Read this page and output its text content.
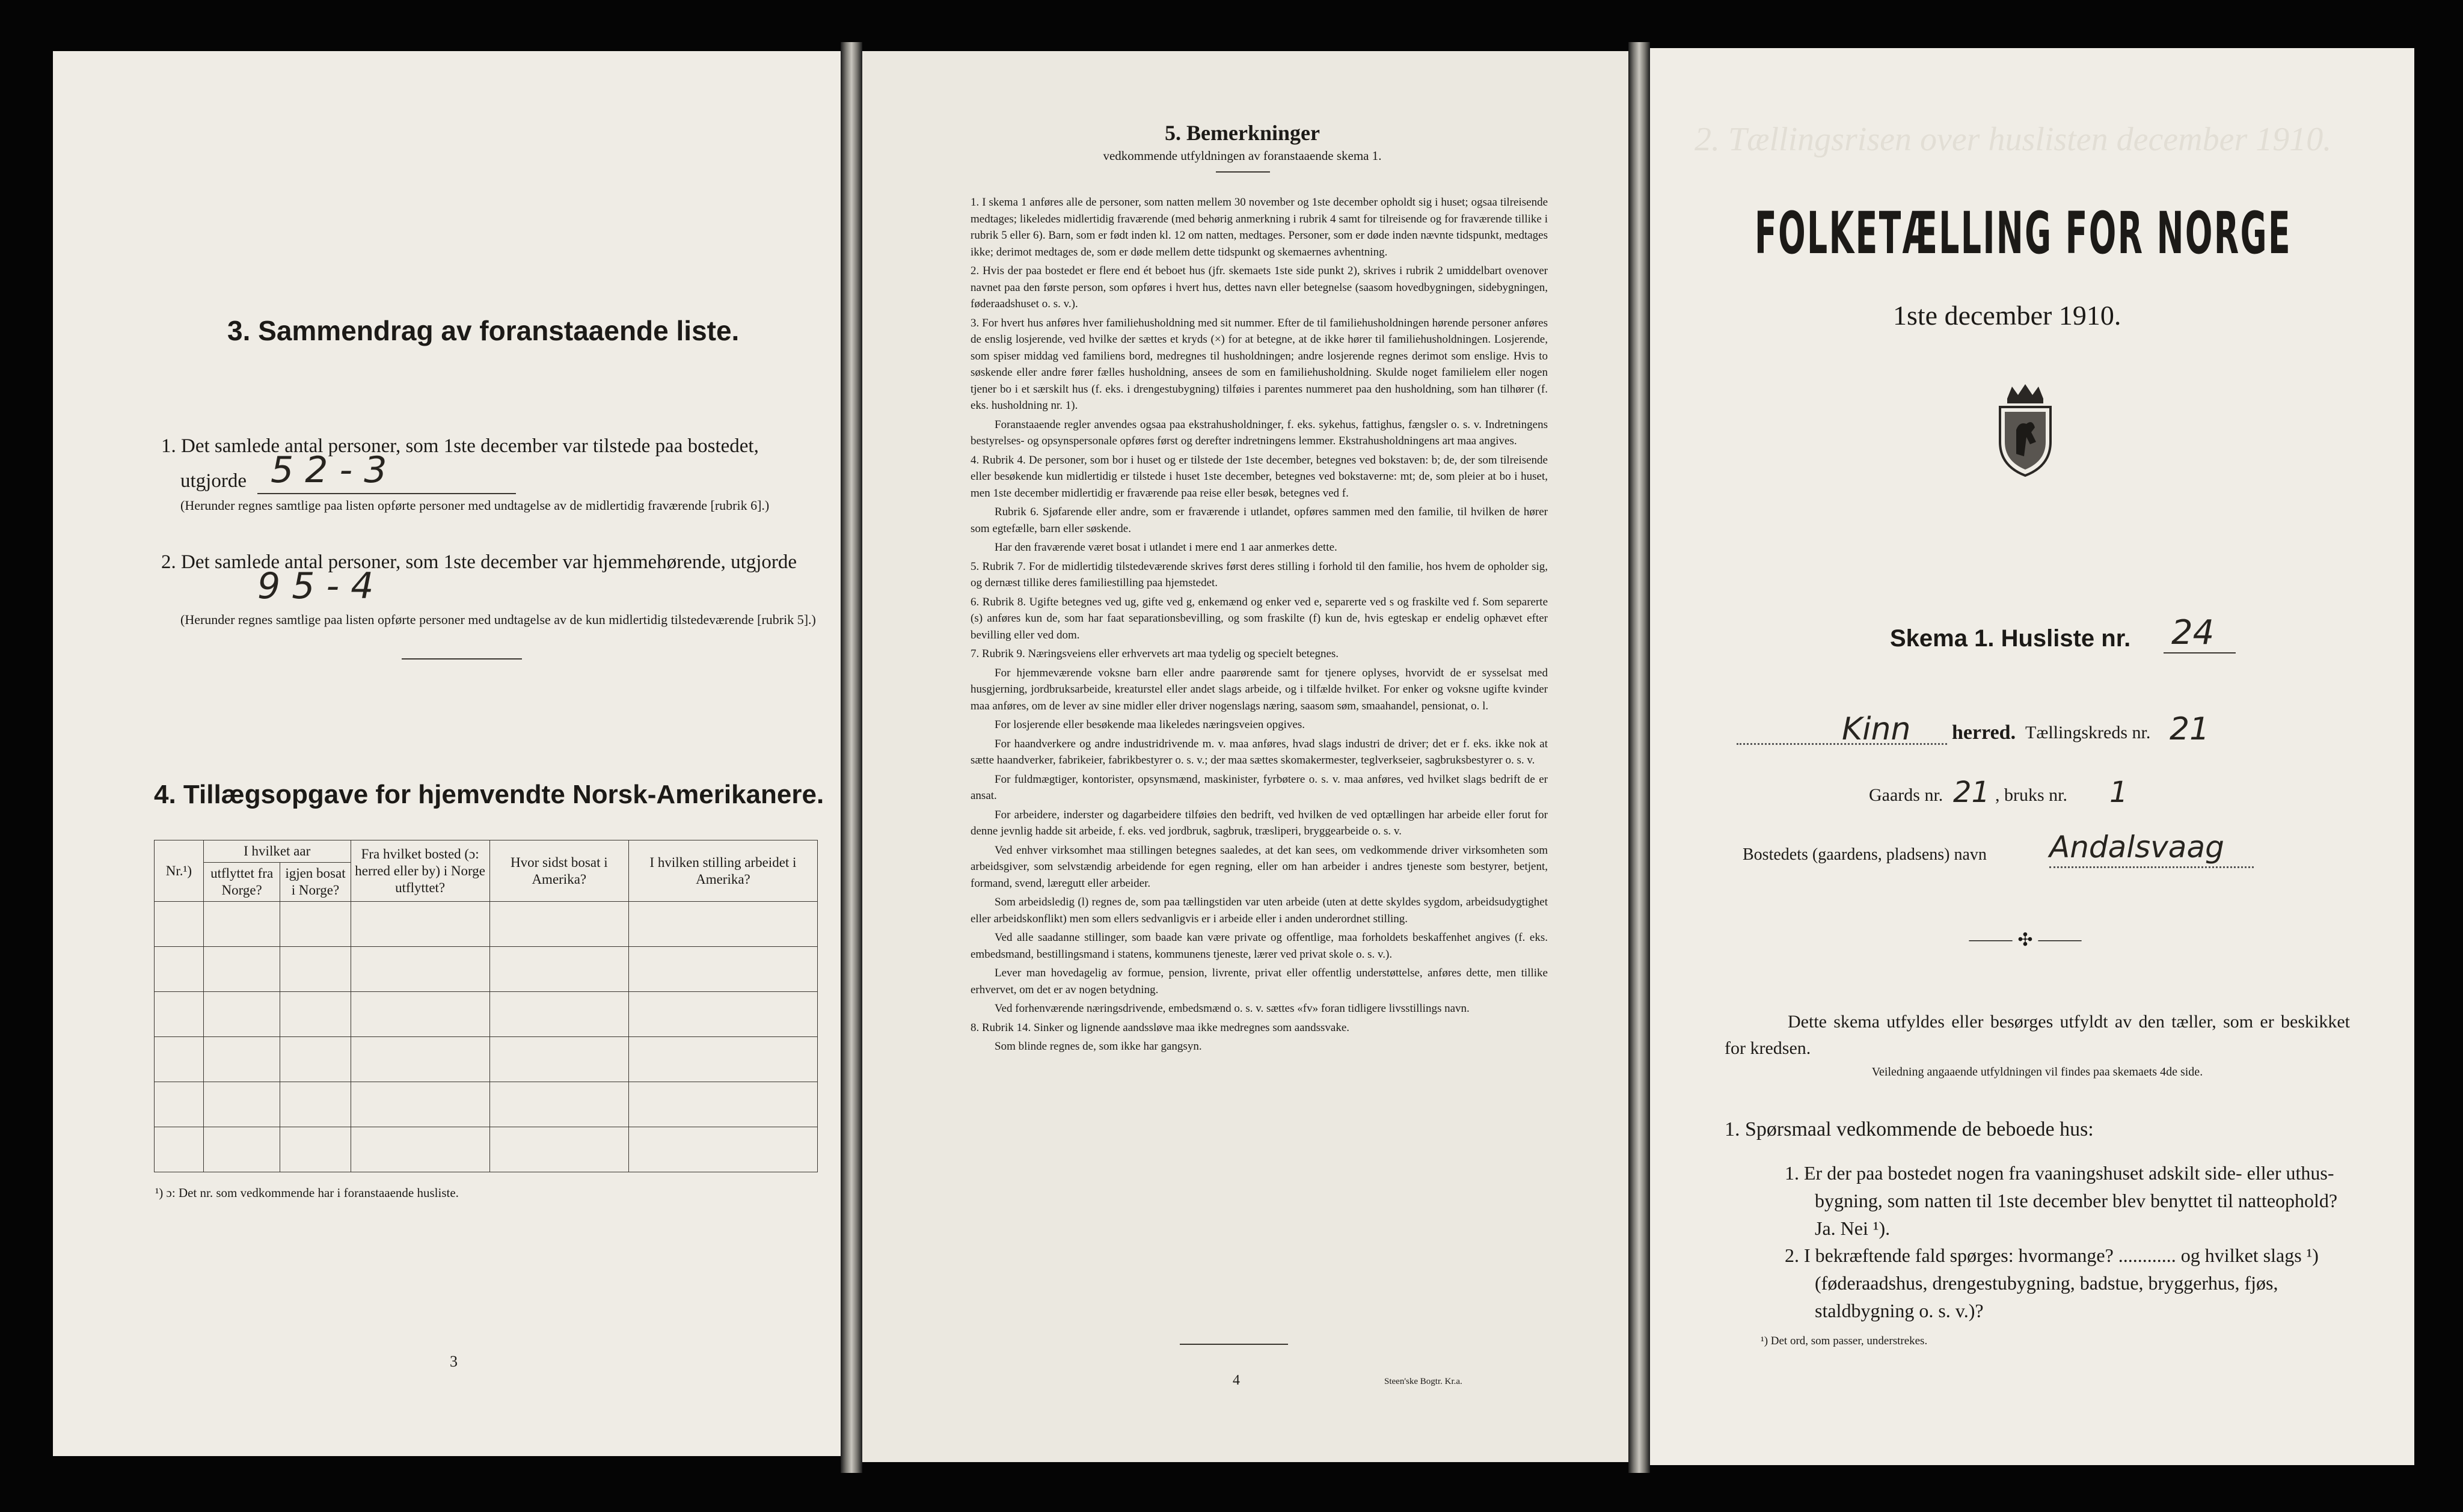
3. Sammendrag av foranstaaende liste.
1. Det samlede antal personer, som 1ste december var tilstede paa bostedet,
utgjorde 5 2 - 3
(Herunder regnes samtlige paa listen opførte personer med undtagelse av de midlertidig fraværende [rubrik 6].)
2. Det samlede antal personer, som 1ste december var hjemmehørende, utgjorde
9 5 - 4
(Herunder regnes samtlige paa listen opførte personer med undtagelse av de kun midlertidig tilstedeværende [rubrik 5].)
4. Tillægsopgave for hjemvendte Norsk-Amerikanere.
Nr.¹)	I hvilket aar		Fra hvilket bosted (ɔ: herred eller by) i Norge utflyttet?	Hvor sidst bosat i Amerika?	I hvilken stilling arbeidet i Amerika?
	utflyttet fra Norge?	igjen bosat i Norge?			

¹) ɔ: Det nr. som vedkommende har i foranstaaende husliste.
3
5. Bemerkninger
vedkommende utfyldningen av foranstaaende skema 1.

1. I skema 1 anføres alle de personer, som natten mellem 30 november og 1ste december opholdt sig i huset; ogsaa tilreisende medtages; likeledes midlertidig fraværende (med behørig anmerkning i rubrik 4 samt for tilreisende og for fraværende tillike i rubrik 5 eller 6). Barn, som er født inden kl. 12 om natten, medtages. Personer, som er døde inden nævnte tidspunkt, medtages ikke; derimot medtages de, som er døde mellem dette tidspunkt og skemaernes avhentning.

2. Hvis der paa bostedet er flere end ét beboet hus (jfr. skemaets 1ste side punkt 2), skrives i rubrik 2 umiddelbart ovenover navnet paa den første person, som opføres i hvert hus, dettes navn eller betegnelse (saasom hovedbygningen, sidebygningen, føderaadshuset o. s. v.).

3. For hvert hus anføres hver familiehusholdning med sit nummer. Efter de til familiehusholdningen hørende personer anføres de enslig losjerende, ved hvilke der sættes et kryds (×) for at betegne, at de ikke hører til familiehusholdningen. Losjerende, som spiser middag ved familiens bord, medregnes til husholdningen; andre losjerende regnes derimot som enslige. Hvis to søskende eller andre fører fælles husholdning, ansees de som en familiehusholdning. Skulde noget familielem eller nogen tjener bo i et særskilt hus (f. eks. i drengestubygning) tilføies i parentes nummeret paa den husholdning, som han tilhører (f. eks. husholdning nr. 1).

Foranstaaende regler anvendes ogsaa paa ekstrahusholdninger, f. eks. sykehus, fattighus, fængsler o. s. v. Indretningens bestyrelses- og opsynspersonale opføres først og derefter indretningens lemmer. Ekstrahusholdningens art maa angives.

4. Rubrik 4. De personer, som bor i huset og er tilstede der 1ste december, betegnes ved bokstaven: b; de, der som tilreisende eller besøkende kun midlertidig er tilstede i huset 1ste december, betegnes ved bokstaverne: mt; de, som pleier at bo i huset, men 1ste december midlertidig er fraværende paa reise eller besøk, betegnes ved f.

Rubrik 6. Sjøfarende eller andre, som er fraværende i utlandet, opføres sammen med den familie, til hvilken de hører som egtefælle, barn eller søskende.

Har den fraværende været bosat i utlandet i mere end 1 aar anmerkes dette.

5. Rubrik 7. For de midlertidig tilstedeværende skrives først deres stilling i forhold til den familie, hos hvem de opholder sig, og dernæst tillike deres familiestilling paa hjemstedet.

6. Rubrik 8. Ugifte betegnes ved ug, gifte ved g, enkemænd og enker ved e, separerte ved s og fraskilte ved f. Som separerte (s) anføres kun de, som har faat separationsbevilling, og som fraskilte (f) kun de, hvis egteskap er endelig ophævet efter bevilling eller ved dom.

7. Rubrik 9. Næringsveiens eller erhvervets art maa tydelig og specielt betegnes.

For hjemmeværende voksne barn eller andre paarørende samt for tjenere oplyses, hvorvidt de er sysselsat med husgjerning, jordbruksarbeide, kreaturstel eller andet slags arbeide, og i tilfælde hvilket. For enker og voksne ugifte kvinder maa anføres, om de lever av sine midler eller driver nogenslags næring, saasom søm, smaahandel, pensionat, o. l.

For losjerende eller besøkende maa likeledes næringsveien opgives.

For haandverkere og andre industridrivende m. v. maa anføres, hvad slags industri de driver; det er f. eks. ikke nok at sætte haandverker, fabrikeier, fabrikbestyrer o. s. v.; der maa sættes skomakermester, teglverkseier, sagbruksbestyrer o. s. v.

For fuldmægtiger, kontorister, opsynsmænd, maskinister, fyrbøtere o. s. v. maa anføres, ved hvilket slags bedrift de er ansat.

For arbeidere, inderster og dagarbeidere tilføies den bedrift, ved hvilken de ved optællingen har arbeide eller forut for denne jevnlig hadde sit arbeide, f. eks. ved jordbruk, sagbruk, træsliperi, bryggearbeide o. s. v.

Ved enhver virksomhet maa stillingen betegnes saaledes, at det kan sees, om vedkommende driver virksomheten som arbeidsgiver, som selvstændig arbeidende for egen regning, eller om han arbeider i andres tjeneste som bestyrer, betjent, formand, svend, læregutt eller arbeider.

Som arbeidsledig (l) regnes de, som paa tællingstiden var uten arbeide (uten at dette skyldes sygdom, arbeidsudygtighet eller arbeidskonflikt) men som ellers sedvanligvis er i arbeide eller i anden underordnet stilling.

Ved alle saadanne stillinger, som baade kan være private og offentlige, maa forholdets beskaffenhet angives (f. eks. embedsmand, bestillingsmand i statens, kommunens tjeneste, lærer ved privat skole o. s. v.).

Lever man hovedagelig av formue, pension, livrente, privat eller offentlig understøttelse, anføres dette, men tillike erhvervet, om det er av nogen betydning.

Ved forhenværende næringsdrivende, embedsmænd o. s. v. sættes «fv» foran tidligere livsstillings navn.

8. Rubrik 14. Sinker og lignende aandssløve maa ikke medregnes som aandssvake.

Som blinde regnes de, som ikke har gangsyn.

4	Steen'ske Bogtr. Kr.a.
2. Tællingsrisen over huslisten december 1910.
FOLKETÆLLING FOR NORGE
1ste december 1910.
Skema 1. Husliste nr. 24
Kinn herred. Tællingskreds nr. 21
Gaards nr. 21 , bruks nr. 1
Bostedets (gaardens, pladsens) navn Andalsvaag
⸻ ✣ ⸻
Dette skema utfyldes eller besørges utfyldt av den tæller, som er beskikket for kredsen.
Veiledning angaaende utfyldningen vil findes paa skemaets 4de side.
1. Spørsmaal vedkommende de beboede hus:
1. Er der paa bostedet nogen fra vaaningshuset adskilt side- eller uthus-bygning, som natten til 1ste december blev benyttet til natteophold? Ja. Nei ¹).
2. I bekræftende fald spørges: hvormange? ............ og hvilket slags ¹) (føderaadshus, drengestubygning, badstue, bryggerhus, fjøs, staldbygning o. s. v.)?
¹) Det ord, som passer, understrekes.
